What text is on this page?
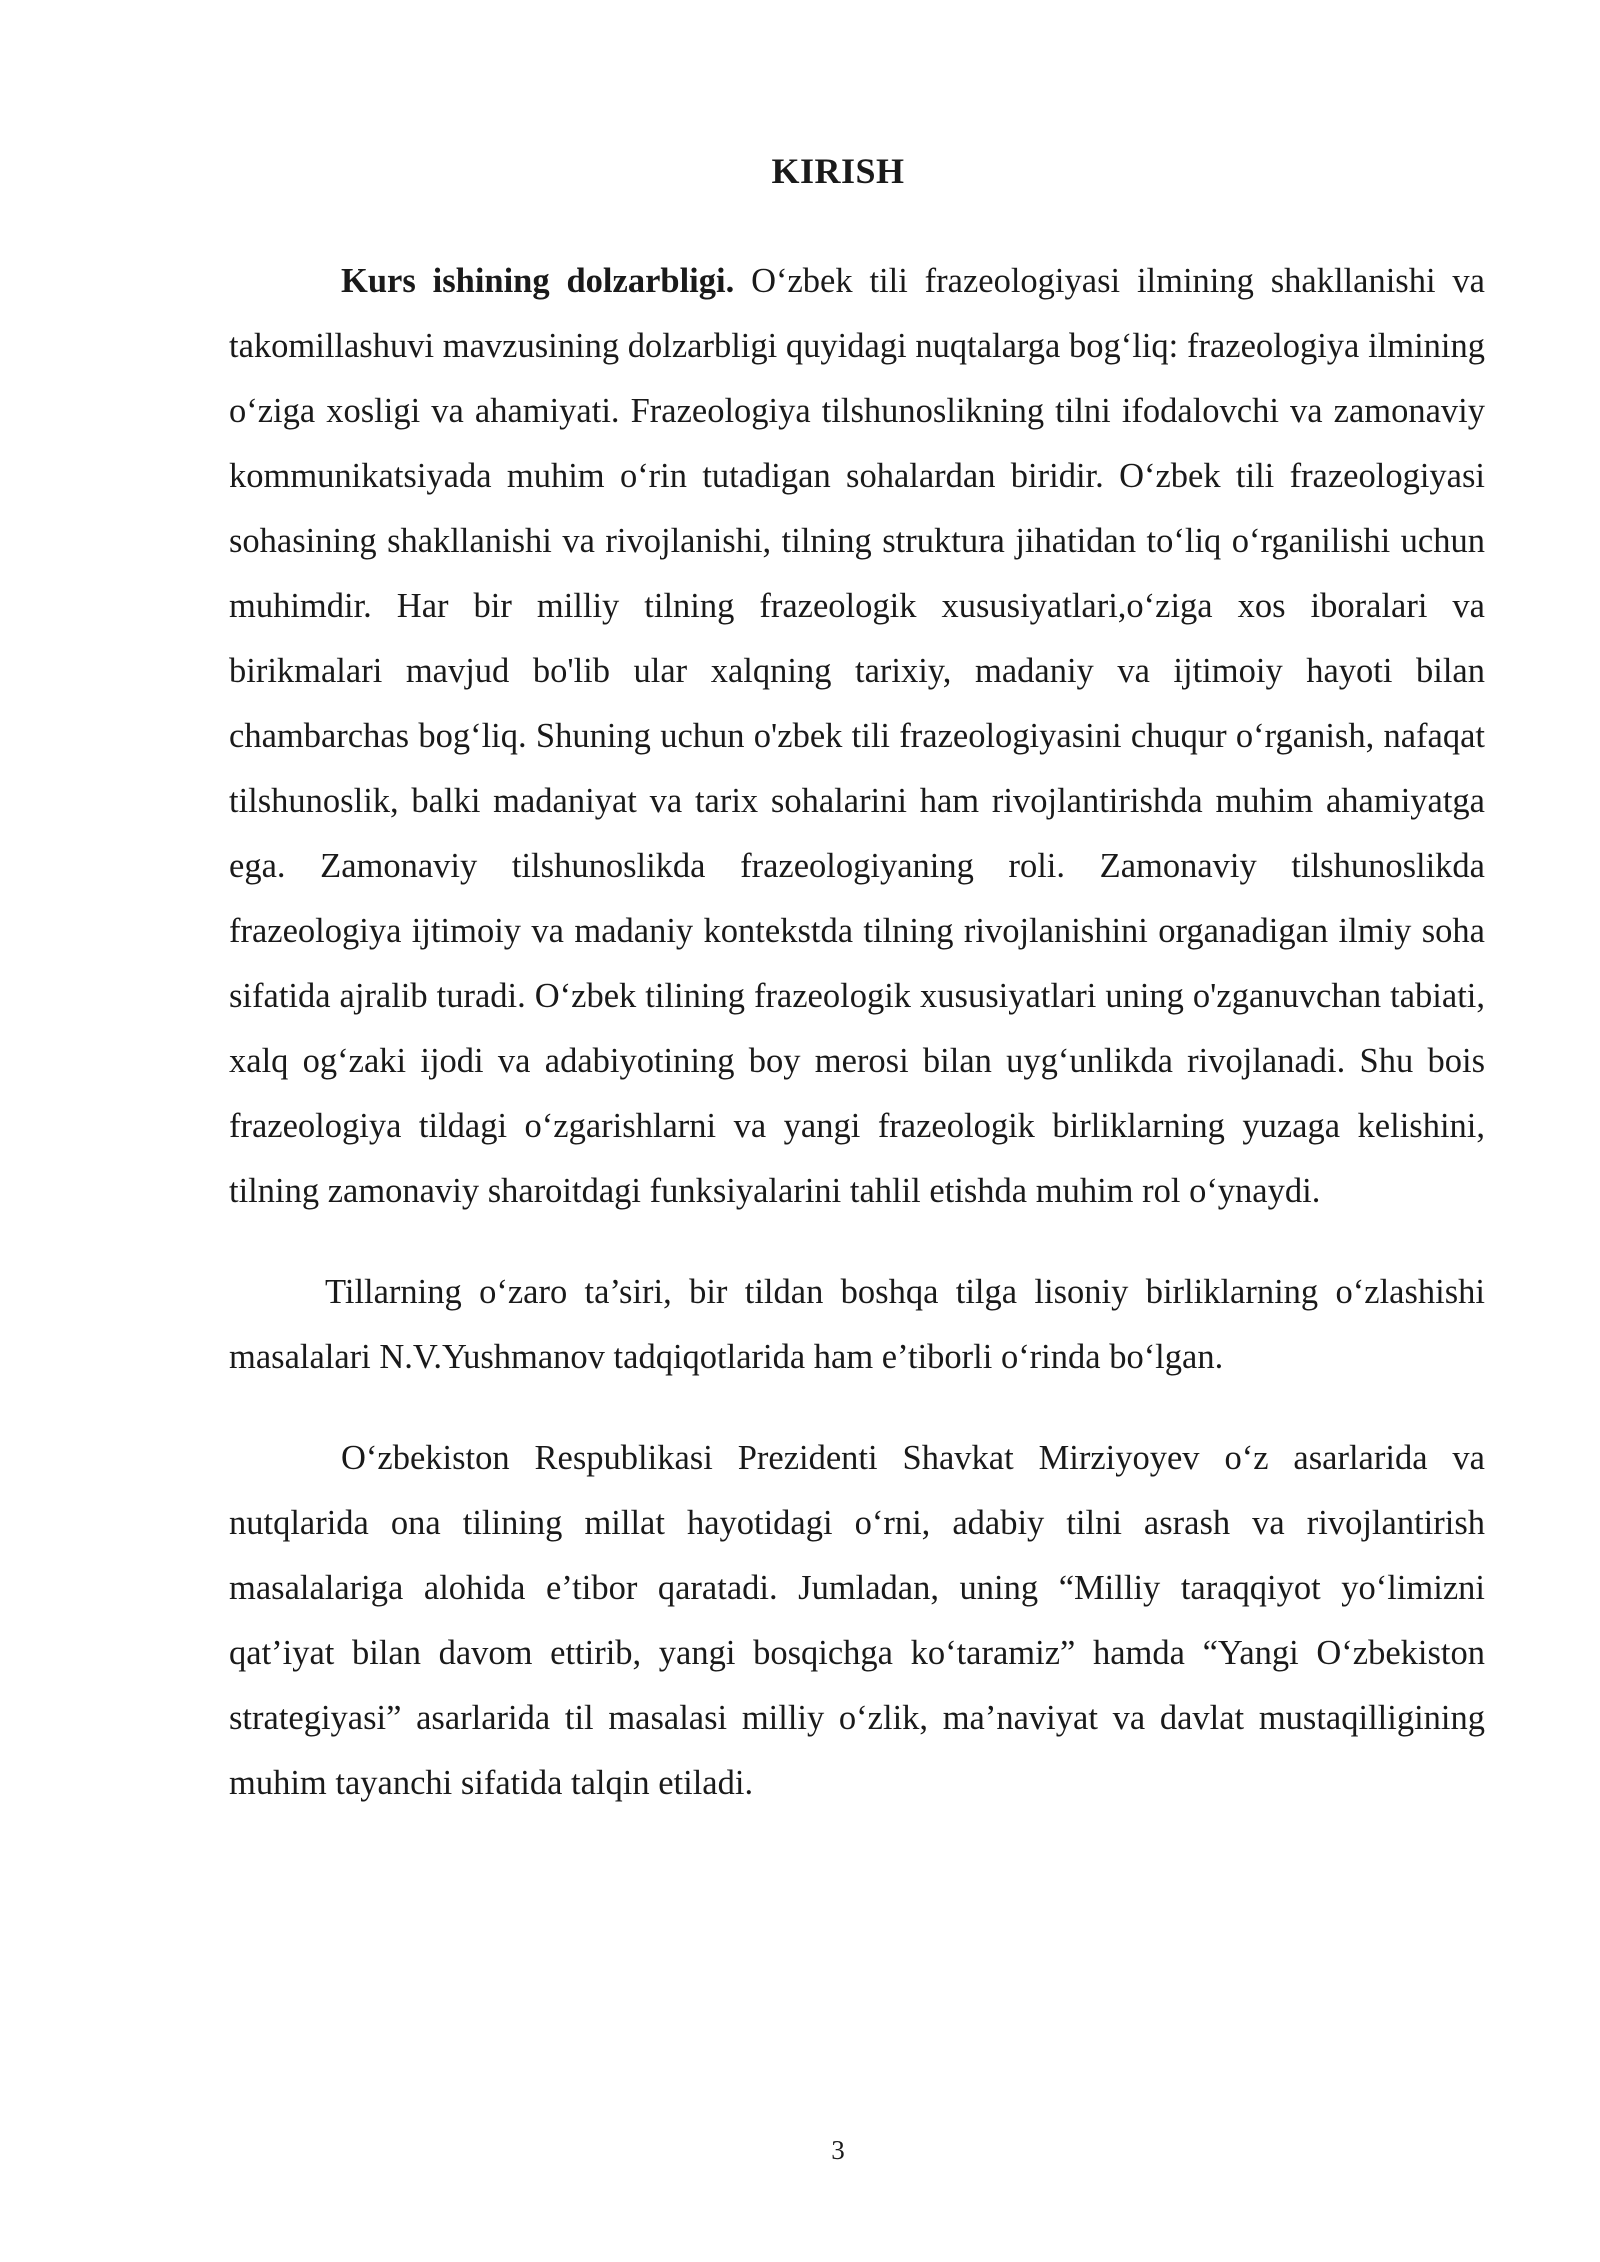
KIRISH

Kurs ishining dolzarbligi. O‘zbek tili frazeologiyasi ilmining shakllanishi va takomillashuvi mavzusining dolzarbligi quyidagi nuqtalarga bog‘liq: frazeologiya ilmining o‘ziga xosligi va ahamiyati. Frazeologiya tilshunoslikning tilni ifodalovchi va zamonaviy kommunikatsiyada muhim o‘rin tutadigan sohalardan biridir. O‘zbek tili frazeologiyasi sohasining shakllanishi va rivojlanishi, tilning struktura jihatidan to‘liq o‘rganilishi uchun muhimdir. Har bir milliy tilning frazeologik xususiyatlari,o‘ziga xos iboralari va birikmalari mavjud bo'lib ular xalqning tarixiy, madaniy va ijtimoiy hayoti bilan chambarchas bog‘liq. Shuning uchun o'zbek tili frazeologiyasini chuqur o‘rganish, nafaqat tilshunoslik, balki madaniyat va tarix sohalarini ham rivojlantirishda muhim ahamiyatga ega. Zamonaviy tilshunoslikda frazeologiyaning roli. Zamonaviy tilshunoslikda frazeologiya ijtimoiy va madaniy kontekstda tilning rivojlanishini organadigan ilmiy soha sifatida ajralib turadi. O‘zbek tilining frazeologik xususiyatlari uning o'zganuvchan tabiati, xalq og‘zaki ijodi va adabiyotining boy merosi bilan uyg‘unlikda rivojlanadi. Shu bois frazeologiya tildagi o‘zgarishlarni va yangi frazeologik birliklarning yuzaga kelishini, tilning zamonaviy sharoitdagi funksiyalarini tahlil etishda muhim rol o‘ynaydi.

Tillarning o‘zaro ta’siri, bir tildan boshqa tilga lisoniy birliklarning o‘zlashishi masalalari N.V.Yushmanov tadqiqotlarida ham e’tiborli o‘rinda bo‘lgan.

O‘zbekiston Respublikasi Prezidenti Shavkat Mirziyoyev o‘z asarlarida va nutqlarida ona tilining millat hayotidagi o‘rni, adabiy tilni asrash va rivojlantirish masalalariga alohida e’tibor qaratadi. Jumladan, uning “Milliy taraqqiyot yo‘limizni qat’iyat bilan davom ettirib, yangi bosqichga ko‘taramiz” hamda “Yangi O‘zbekiston strategiyasi” asarlarida til masalasi milliy o‘zlik, ma’naviyat va davlat mustaqilligining muhim tayanchi sifatida talqin etiladi.

3
